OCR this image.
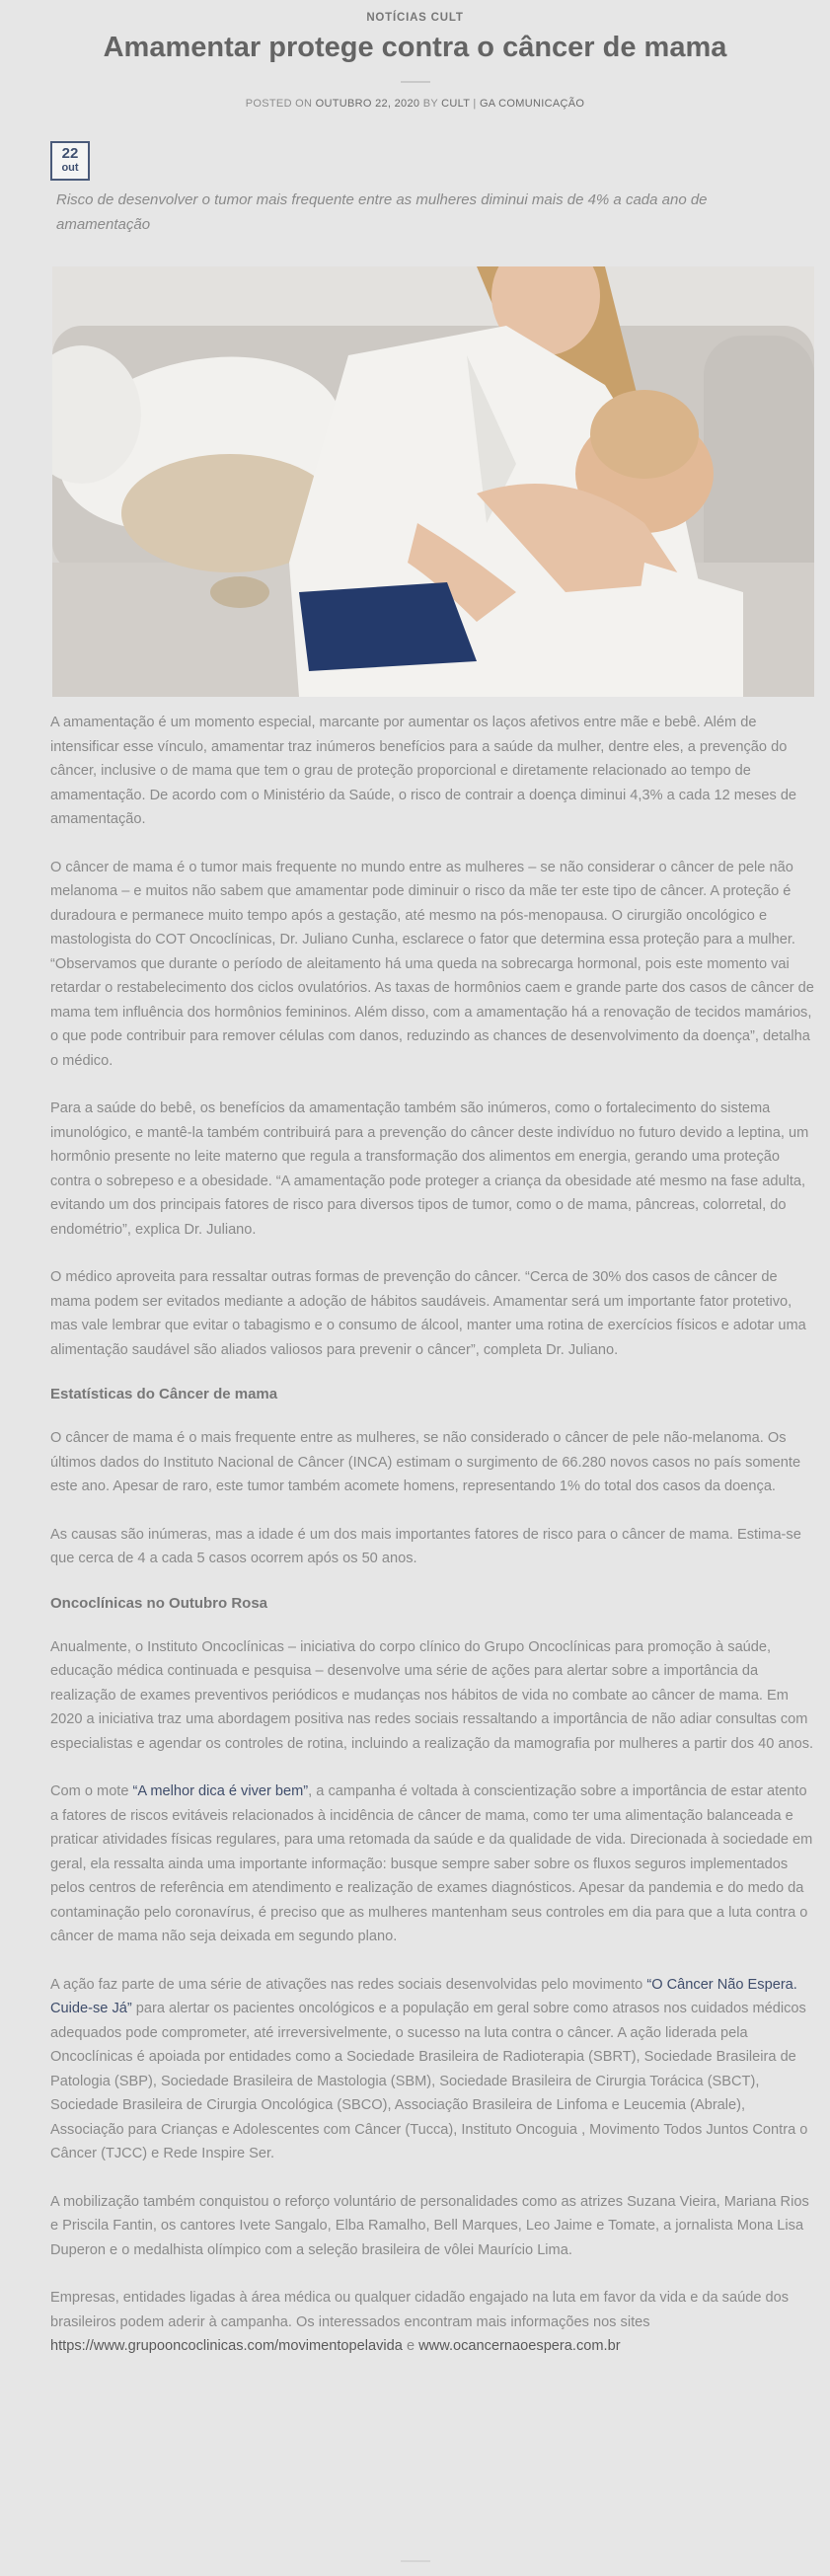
NOTÍCIAS CULT
Amamentar protege contra o câncer de mama
POSTED ON OUTUBRO 22, 2020 BY CULT | GA COMUNICAÇÃO
22
out
Risco de desenvolver o tumor mais frequente entre as mulheres diminui mais de 4% a cada ano de amamentação

A amamentação é um momento especial, marcante por aumentar os laços afetivos entre mãe e bebê. Além de intensificar esse vínculo, amamentar traz inúmeros benefícios para a saúde da mulher, dentre eles, a prevenção do câncer, inclusive o de mama que tem o grau de proteção proporcional e diretamente relacionado ao tempo de amamentação. De acordo com o Ministério da Saúde, o risco de contrair a doença diminui 4,3% a cada 12 meses de amamentação.

O câncer de mama é o tumor mais frequente no mundo entre as mulheres – se não considerar o câncer de pele não melanoma – e muitos não sabem que amamentar pode diminuir o risco da mãe ter este tipo de câncer. A proteção é duradoura e permanece muito tempo após a gestação, até mesmo na pós-menopausa. O cirurgião oncológico e mastologista do COT Oncoclínicas, Dr. Juliano Cunha, esclarece o fator que determina essa proteção para a mulher. “Observamos que durante o período de aleitamento há uma queda na sobrecarga hormonal, pois este momento vai retardar o restabelecimento dos ciclos ovulatórios. As taxas de hormônios caem e grande parte dos casos de câncer de mama tem influência dos hormônios femininos. Além disso, com a amamentação há a renovação de tecidos mamários, o que pode contribuir para remover células com danos, reduzindo as chances de desenvolvimento da doença”, detalha o médico.

Para a saúde do bebê, os benefícios da amamentação também são inúmeros, como o fortalecimento do sistema imunológico, e mantê-la também contribuirá para a prevenção do câncer deste indivíduo no futuro devido a leptina, um hormônio presente no leite materno que regula a transformação dos alimentos em energia, gerando uma proteção contra o sobrepeso e a obesidade. “A amamentação pode proteger a criança da obesidade até mesmo na fase adulta, evitando um dos principais fatores de risco para diversos tipos de tumor, como o de mama, pâncreas, colorretal, do endométrio”, explica Dr. Juliano.

O médico aproveita para ressaltar outras formas de prevenção do câncer. “Cerca de 30% dos casos de câncer de mama podem ser evitados mediante a adoção de hábitos saudáveis. Amamentar será um importante fator protetivo, mas vale lembrar que evitar o tabagismo e o consumo de álcool, manter uma rotina de exercícios físicos e adotar uma alimentação saudável são aliados valiosos para prevenir o câncer”, completa Dr. Juliano.

Estatísticas do Câncer de mama

O câncer de mama é o mais frequente entre as mulheres, se não considerado o câncer de pele não-melanoma. Os últimos dados do Instituto Nacional de Câncer (INCA) estimam o surgimento de 66.280 novos casos no país somente este ano. Apesar de raro, este tumor também acomete homens, representando 1% do total dos casos da doença.

As causas são inúmeras, mas a idade é um dos mais importantes fatores de risco para o câncer de mama. Estima-se que cerca de 4 a cada 5 casos ocorrem após os 50 anos.

Oncoclínicas no Outubro Rosa

Anualmente, o Instituto Oncoclínicas – iniciativa do corpo clínico do Grupo Oncoclínicas para promoção à saúde, educação médica continuada e pesquisa – desenvolve uma série de ações para alertar sobre a importância da realização de exames preventivos periódicos e mudanças nos hábitos de vida no combate ao câncer de mama. Em 2020 a iniciativa traz uma abordagem positiva nas redes sociais ressaltando a importância de não adiar consultas com especialistas e agendar os controles de rotina, incluindo a realização da mamografia por mulheres a partir dos 40 anos.

Com o mote “A melhor dica é viver bem”, a campanha é voltada à conscientização sobre a importância de estar atento a fatores de riscos evitáveis relacionados à incidência de câncer de mama, como ter uma alimentação balanceada e praticar atividades físicas regulares, para uma retomada da saúde e da qualidade de vida. Direcionada à sociedade em geral, ela ressalta ainda uma importante informação: busque sempre saber sobre os fluxos seguros implementados pelos centros de referência em atendimento e realização de exames diagnósticos. Apesar da pandemia e do medo da contaminação pelo coronavírus, é preciso que as mulheres mantenham seus controles em dia para que a luta contra o câncer de mama não seja deixada em segundo plano.

A ação faz parte de uma série de ativações nas redes sociais desenvolvidas pelo movimento “O Câncer Não Espera. Cuide-se Já” para alertar os pacientes oncológicos e a população em geral sobre como atrasos nos cuidados médicos adequados pode comprometer, até irreversivelmente, o sucesso na luta contra o câncer. A ação liderada pela Oncoclínicas é apoiada por entidades como a Sociedade Brasileira de Radioterapia (SBRT), Sociedade Brasileira de Patologia (SBP), Sociedade Brasileira de Mastologia (SBM), Sociedade Brasileira de Cirurgia Torácica (SBCT), Sociedade Brasileira de Cirurgia Oncológica (SBCO), Associação Brasileira de Linfoma e Leucemia (Abrale), Associação para Crianças e Adolescentes com Câncer (Tucca), Instituto Oncoguia , Movimento Todos Juntos Contra o Câncer (TJCC) e Rede Inspire Ser.

A mobilização também conquistou o reforço voluntário de personalidades como as atrizes Suzana Vieira, Mariana Rios e Priscila Fantin, os cantores Ivete Sangalo, Elba Ramalho, Bell Marques, Leo Jaime e Tomate, a jornalista Mona Lisa Duperon e o medalhista olímpico com a seleção brasileira de vôlei Maurício Lima.

Empresas, entidades ligadas à área médica ou qualquer cidadão engajado na luta em favor da vida e da saúde dos brasileiros podem aderir à campanha. Os interessados encontram mais informações nos sites https://www.grupooncoclinicas.com/movimentopelavida e www.ocancernaoespera.com.br
